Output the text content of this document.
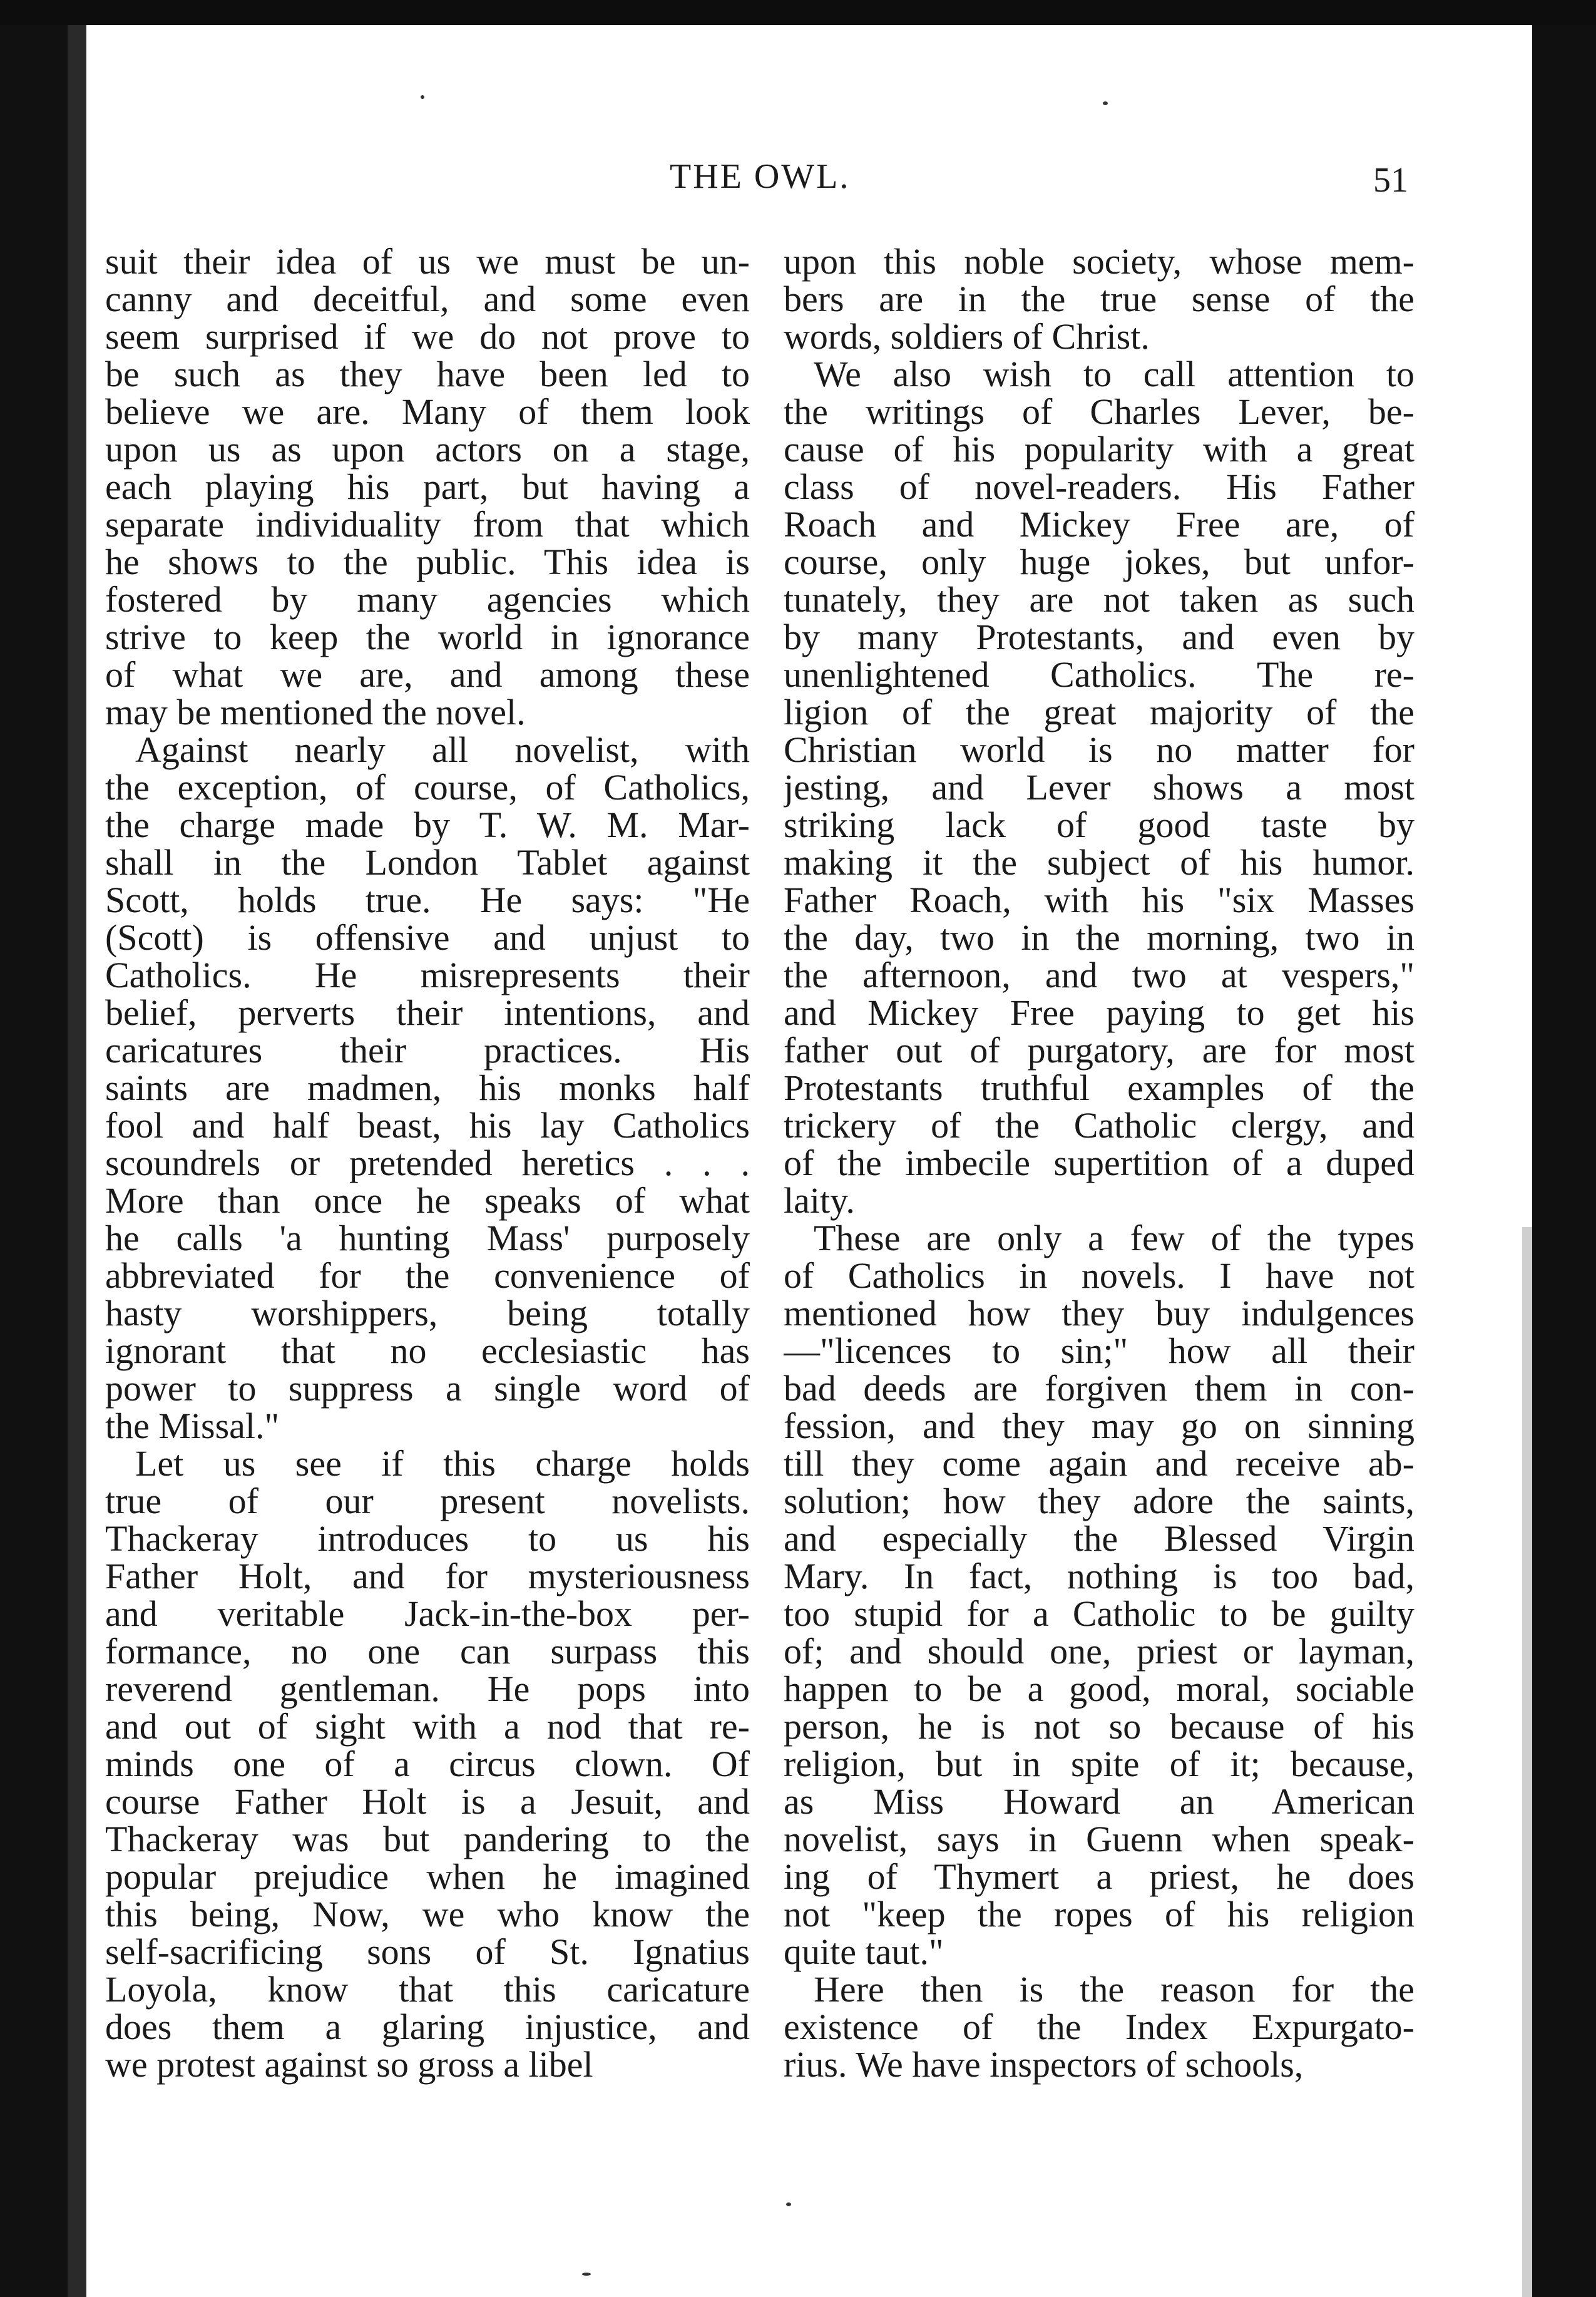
THE OWL.	51
suit their idea of us we must be un-
canny and deceitful, and some even
seem surprised if we do not prove to
be such as they have been led to
believe we are. Many of them look
upon us as upon actors on a stage,
each playing his part, but having a
separate individuality from that which
he shows to the public. This idea is
fostered by many agencies which
strive to keep the world in ignorance
of what we are, and among these
may be mentioned the novel.
Against nearly all novelist, with
the exception, of course, of Catholics,
the charge made by T. W. M. Mar-
shall in the London Tablet against
Scott, holds true. He says: "He
(Scott) is offensive and unjust to
Catholics. He misrepresents their
belief, perverts their intentions, and
caricatures their practices. His
saints are madmen, his monks half
fool and half beast, his lay Catholics
scoundrels or pretended heretics . . .
More than once he speaks of what
he calls 'a hunting Mass' purposely
abbreviated for the convenience of
hasty worshippers, being totally
ignorant that no ecclesiastic has
power to suppress a single word of
the Missal."
Let us see if this charge holds
true of our present novelists.
Thackeray introduces to us his
Father Holt, and for mysteriousness
and veritable Jack-in-the-box per-
formance, no one can surpass this
reverend gentleman. He pops into
and out of sight with a nod that re-
minds one of a circus clown. Of
course Father Holt is a Jesuit, and
Thackeray was but pandering to the
popular prejudice when he imagined
this being, Now, we who know the
self-sacrificing sons of St. Ignatius
Loyola, know that this caricature
does them a glaring injustice, and
we protest against so gross a libel
upon this noble society, whose mem-
bers are in the true sense of the
words, soldiers of Christ.
We also wish to call attention to
the writings of Charles Lever, be-
cause of his popularity with a great
class of novel-readers. His Father
Roach and Mickey Free are, of
course, only huge jokes, but unfor-
tunately, they are not taken as such
by many Protestants, and even by
unenlightened Catholics. The re-
ligion of the great majority of the
Christian world is no matter for
jesting, and Lever shows a most
striking lack of good taste by
making it the subject of his humor.
Father Roach, with his "six Masses
the day, two in the morning, two in
the afternoon, and two at vespers,"
and Mickey Free paying to get his
father out of purgatory, are for most
Protestants truthful examples of the
trickery of the Catholic clergy, and
of the imbecile supertition of a duped
laity.
These are only a few of the types
of Catholics in novels. I have not
mentioned how they buy indulgences
—"licences to sin;" how all their
bad deeds are forgiven them in con-
fession, and they may go on sinning
till they come again and receive ab-
solution; how they adore the saints,
and especially the Blessed Virgin
Mary. In fact, nothing is too bad,
too stupid for a Catholic to be guilty
of; and should one, priest or layman,
happen to be a good, moral, sociable
person, he is not so because of his
religion, but in spite of it; because,
as Miss Howard an American
novelist, says in Guenn when speak-
ing of Thymert a priest, he does
not "keep the ropes of his religion
quite taut."
Here then is the reason for the
existence of the Index Expurgato-
rius. We have inspectors of schools,
